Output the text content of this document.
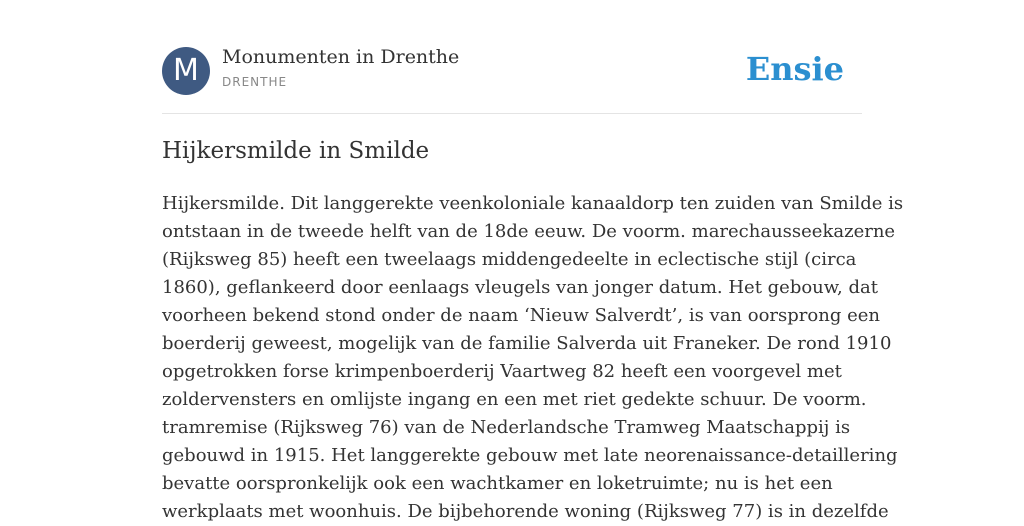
M	Monumenten in Drenthe
DRENTHE	Ensie
Hijkersmilde in Smilde

Hijkersmilde. Dit langgerekte veenkoloniale kanaaldorp ten zuiden van Smilde is
ontstaan in de tweede helft van de 18de eeuw. De voorm. marechausseekazerne
(Rijksweg 85) heeft een tweelaags middengedeelte in eclectische stijl (circa
1860), geflankeerd door eenlaags vleugels van jonger datum. Het gebouw, dat
voorheen bekend stond onder de naam ‘Nieuw Salverdt’, is van oorsprong een
boerderij geweest, mogelijk van de familie Salverda uit Franeker. De rond 1910
opgetrokken forse krimpenboerderij Vaartweg 82 heeft een voorgevel met
zoldervensters en omlijste ingang en een met riet gedekte schuur. De voorm.
tramremise (Rijksweg 76) van de Nederlandsche Tramweg Maatschappij is
gebouwd in 1915. Het langgerekte gebouw met late neorenaissance-detaillering
bevatte oorspronkelijk ook een wachtkamer en loketruimte; nu is het een
werkplaats met woonhuis. De bijbehorende woning (Rijksweg 77) is in dezelfde
